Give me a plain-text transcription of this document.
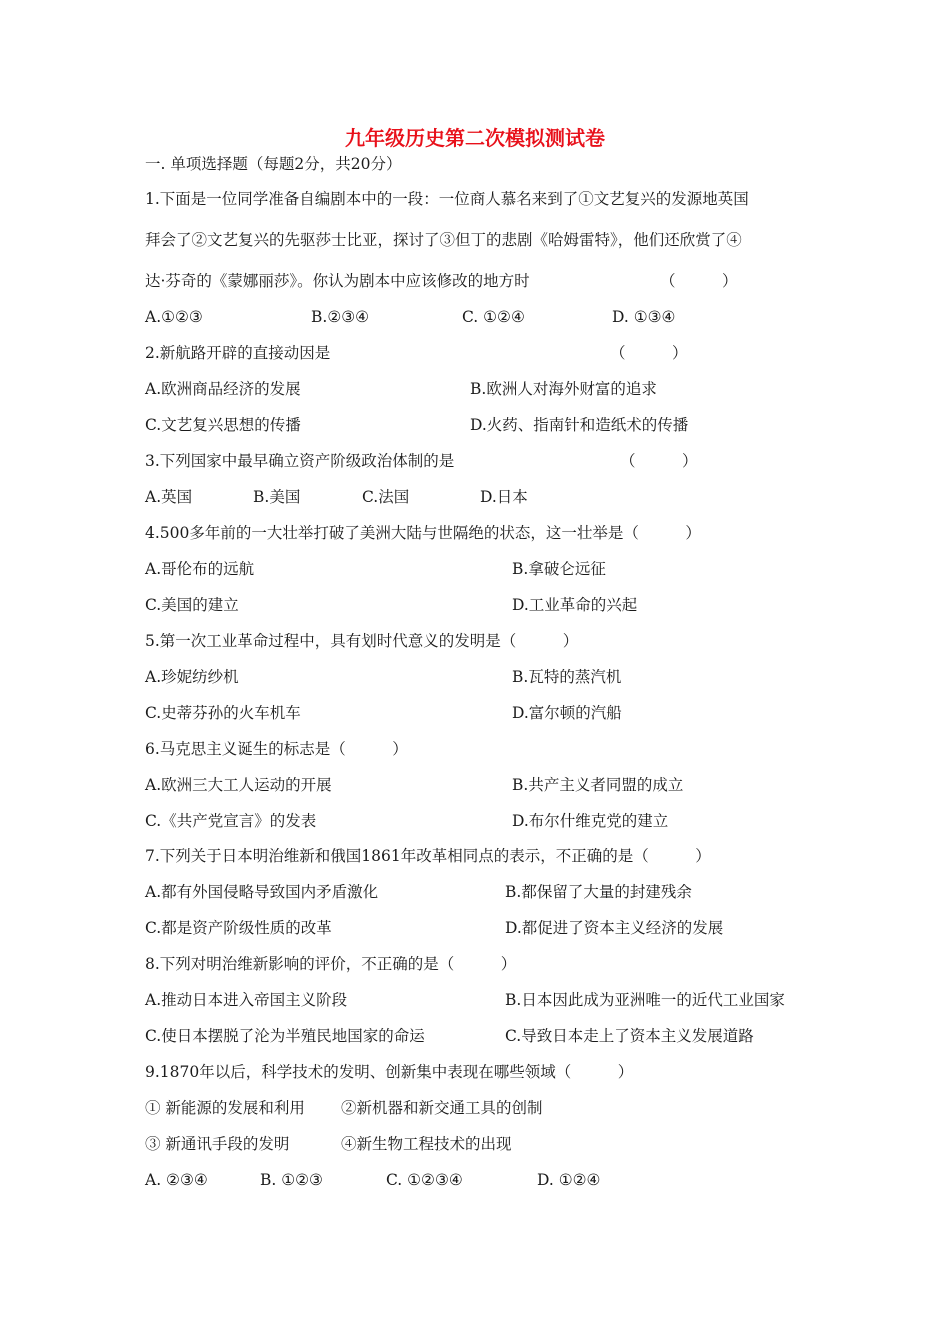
九年级历史第二次模拟测试卷
一. 单项选择题（每题2分，共20分）
1.下面是一位同学准备自编剧本中的一段：一位商人慕名来到了①文艺复兴的发源地英国
拜会了②文艺复兴的先驱莎士比亚，探讨了③但丁的悲剧《哈姆雷特》，他们还欣赏了④
达·芬奇的《蒙娜丽莎》。你认为剧本中应该修改的地方时	（　　　）
A.①②③	B.②③④	C. ①②④	D. ①③④
2.新航路开辟的直接动因是	（　　　）
A.欧洲商品经济的发展	B.欧洲人对海外财富的追求
C.文艺复兴思想的传播	D.火药、指南针和造纸术的传播
3.下列国家中最早确立资产阶级政治体制的是	（　　　）
A.英国	B.美国	C.法国	D.日本
4.500多年前的一大壮举打破了美洲大陆与世隔绝的状态，这一壮举是（　　　）
A.哥伦布的远航	B.拿破仑远征
C.美国的建立	D.工业革命的兴起
5.第一次工业革命过程中，具有划时代意义的发明是（　　　）
A.珍妮纺纱机	B.瓦特的蒸汽机
C.史蒂芬孙的火车机车	D.富尔顿的汽船
6.马克思主义诞生的标志是（　　　）
A.欧洲三大工人运动的开展	B.共产主义者同盟的成立
C.《共产党宣言》的发表	D.布尔什维克党的建立
7.下列关于日本明治维新和俄国1861年改革相同点的表示，不正确的是（　　　）
A.都有外国侵略导致国内矛盾激化	B.都保留了大量的封建残余
C.都是资产阶级性质的改革	D.都促进了资本主义经济的发展
8.下列对明治维新影响的评价，不正确的是（　　　）
A.推动日本进入帝国主义阶段	B.日本因此成为亚洲唯一的近代工业国家
C.使日本摆脱了沦为半殖民地国家的命运	C.导致日本走上了资本主义发展道路
9.1870年以后，科学技术的发明、创新集中表现在哪些领域（　　　）
① 新能源的发展和利用 ②新机器和新交通工具的创制
③ 新通讯手段的发明	④新生物工程技术的出现
A. ②③④	B. ①②③	C. ①②③④	D. ①②④
